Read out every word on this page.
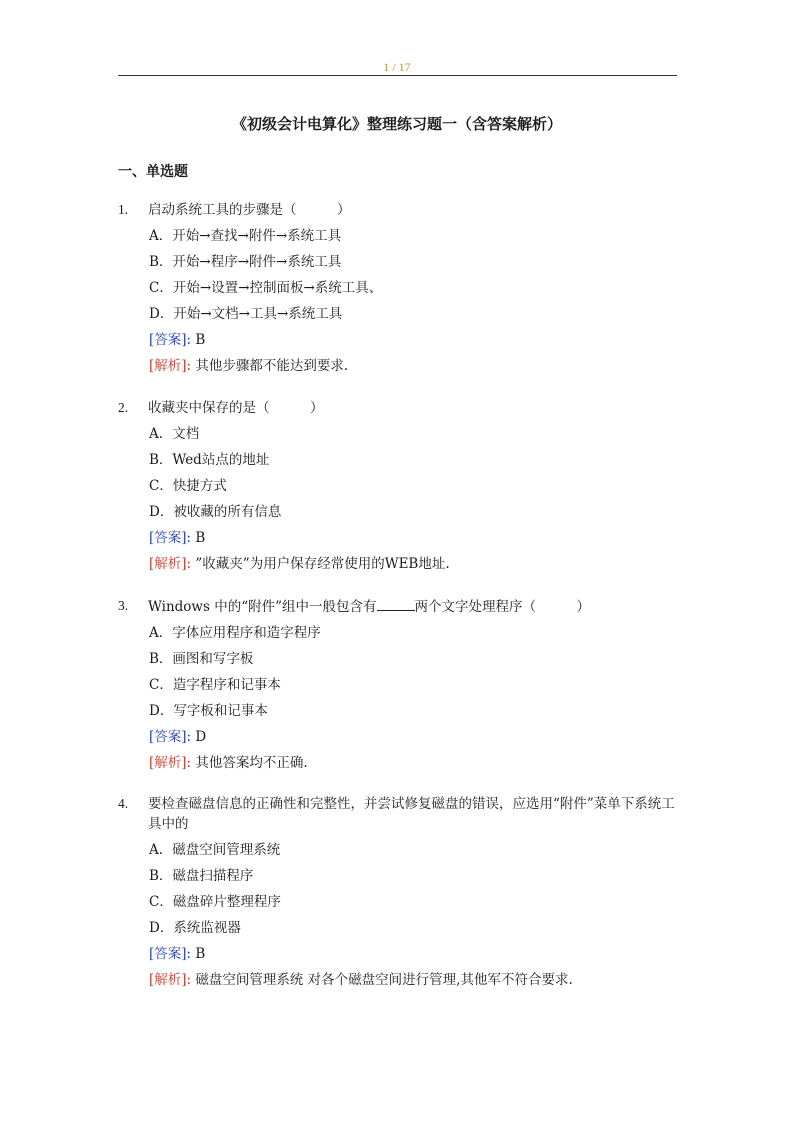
1 / 17
《初级会计电算化》整理练习题一（含答案解析）
一、单选题
1. 启动系统工具的步骤是（　　　）
A．开始→查找→附件→系统工具
B．开始→程序→附件→系统工具
C．开始→设置→控制面板→系统工具、
D．开始→文档→工具→系统工具
[答案]: B
[解析]: 其他步骤都不能达到要求.
2. 收藏夹中保存的是（　　　）
A．文档
B．Wed站点的地址
C．快捷方式
D．被收藏的所有信息
[答案]: B
[解析]: ”收藏夹”为用户保存经常使用的WEB地址.
3. Windows 中的“附件”组中一般包含有	两个文字处理程序（　　　）
A．字体应用程序和造字程序
B．画图和写字板
C．造字程序和记事本
D．写字板和记事本
[答案]: D
[解析]: 其他答案均不正确.
4. 要检查磁盘信息的正确性和完整性，并尝试修复磁盘的错误，应选用“附件”菜单下系统工具中的
A．磁盘空间管理系统
B．磁盘扫描程序
C．磁盘碎片整理程序
D．系统监视器
[答案]: B
[解析]: 磁盘空间管理系统 对各个磁盘空间进行管理,其他军不符合要求.
